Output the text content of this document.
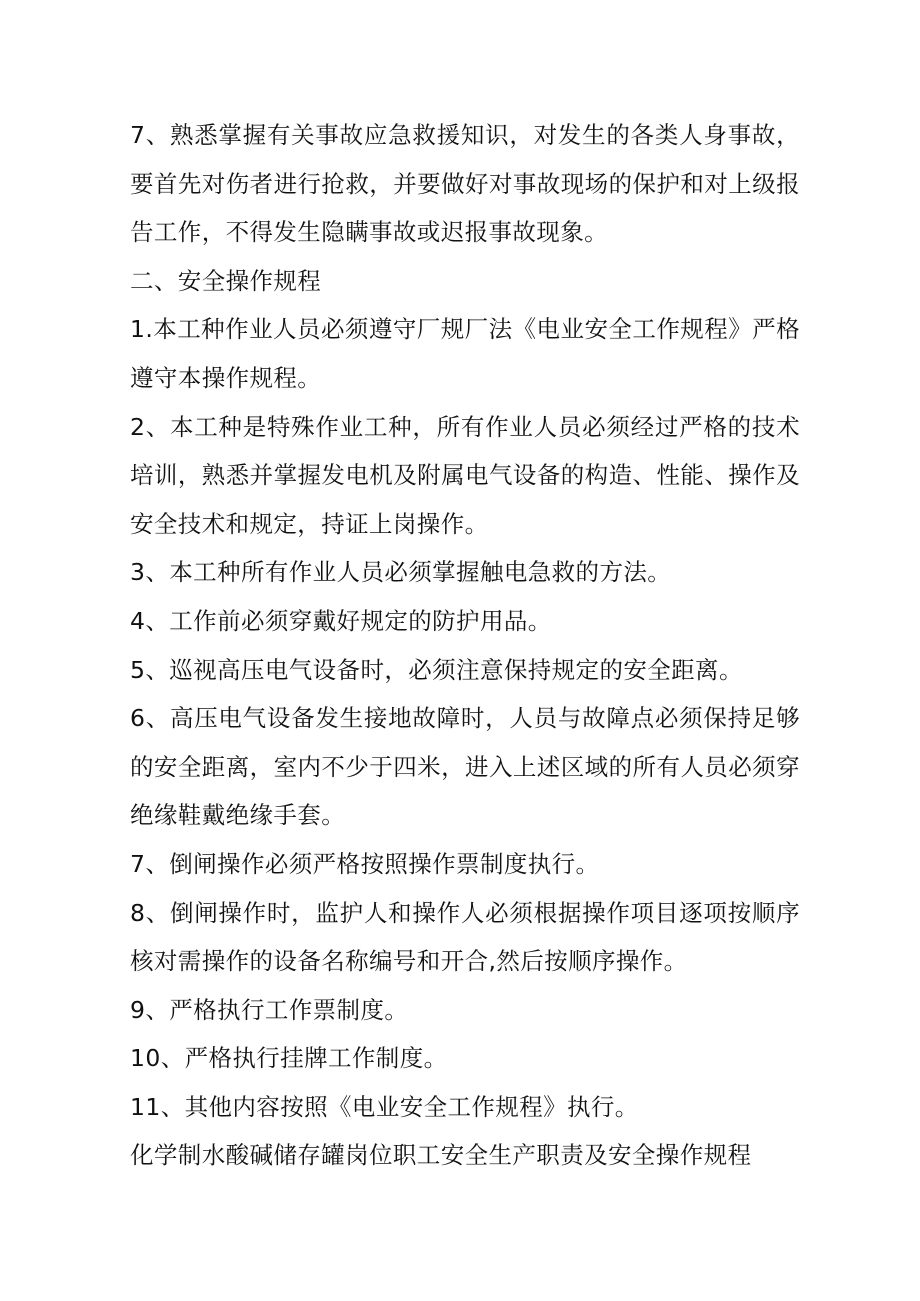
7、熟悉掌握有关事故应急救援知识，对发生的各类人身事故，要首先对伤者进行抢救，并要做好对事故现场的保护和对上级报告工作，不得发生隐瞒事故或迟报事故现象。

二、安全操作规程

1.本工种作业人员必须遵守厂规厂法《电业安全工作规程》严格遵守本操作规程。

2、本工种是特殊作业工种，所有作业人员必须经过严格的技术培训，熟悉并掌握发电机及附属电气设备的构造、性能、操作及安全技术和规定，持证上岗操作。

3、本工种所有作业人员必须掌握触电急救的方法。

4、工作前必须穿戴好规定的防护用品。

5、巡视高压电气设备时，必须注意保持规定的安全距离。

6、高压电气设备发生接地故障时，人员与故障点必须保持足够的安全距离，室内不少于四米，进入上述区域的所有人员必须穿绝缘鞋戴绝缘手套。

7、倒闸操作必须严格按照操作票制度执行。

8、倒闸操作时，监护人和操作人必须根据操作项目逐项按顺序核对需操作的设备名称编号和开合,然后按顺序操作。

9、严格执行工作票制度。

10、严格执行挂牌工作制度。

11、其他内容按照《电业安全工作规程》执行。

化学制水酸碱储存罐岗位职工安全生产职责及安全操作规程
